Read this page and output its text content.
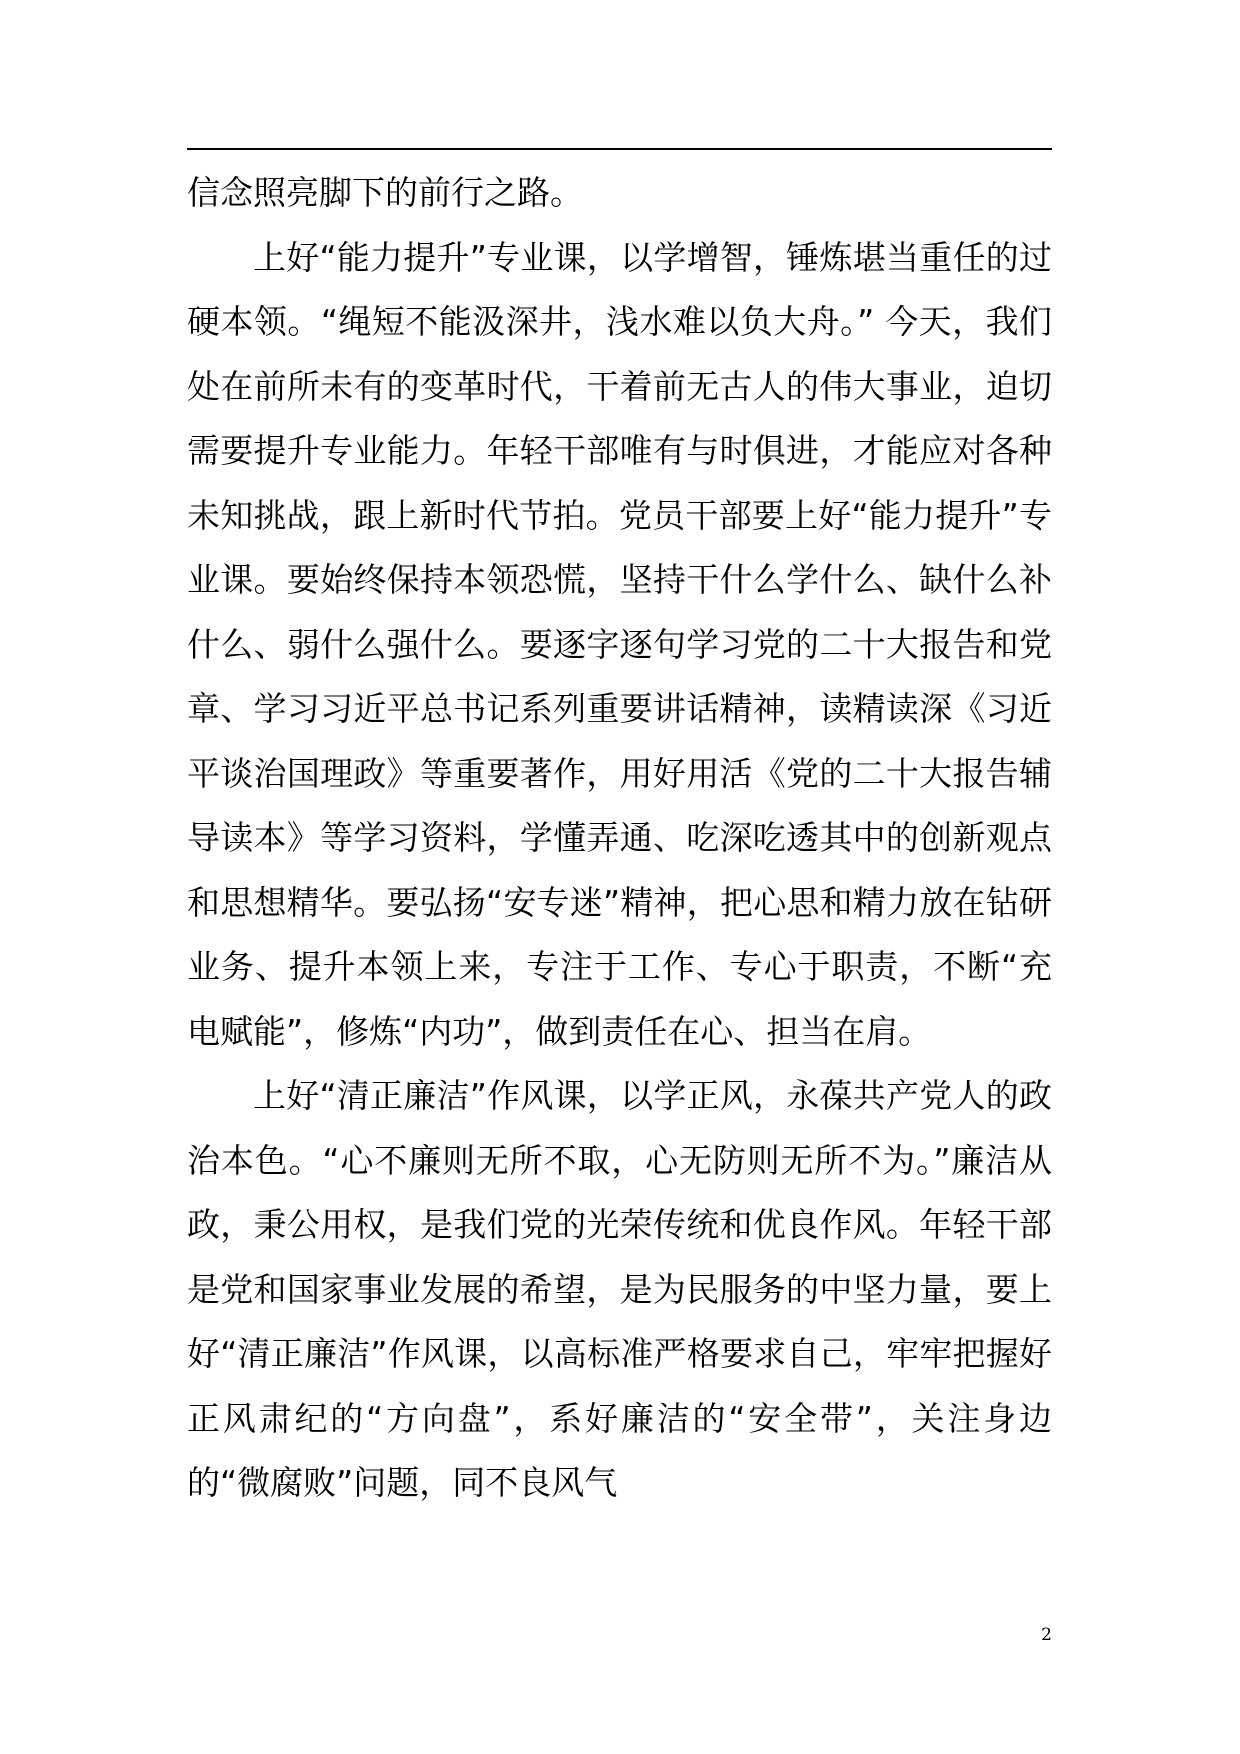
信念照亮脚下的前行之路。

上好“能力提升”专业课，以学增智，锤炼堪当重任的过硬本领。“绳短不能汲深井，浅水难以负大舟。” 今天，我们处在前所未有的变革时代，干着前无古人的伟大事业，迫切需要提升专业能力。年轻干部唯有与时俱进，才能应对各种未知挑战，跟上新时代节拍。党员干部要上好“能力提升”专业课。要始终保持本领恐慌，坚持干什么学什么、缺什么补什么、弱什么强什么。要逐字逐句学习党的二十大报告和党章、学习习近平总书记系列重要讲话精神，读精读深《习近平谈治国理政》等重要著作，用好用活《党的二十大报告辅导读本》等学习资料，学懂弄通、吃深吃透其中的创新观点和思想精华。要弘扬“安专迷”精神，把心思和精力放在钻研业务、提升本领上来，专注于工作、专心于职责，不断“充电赋能”，修炼“内功”，做到责任在心、担当在肩。

上好“清正廉洁”作风课，以学正风，永葆共产党人的政治本色。“心不廉则无所不取，心无防则无所不为。”廉洁从政，秉公用权，是我们党的光荣传统和优良作风。年轻干部是党和国家事业发展的希望，是为民服务的中坚力量，要上好“清正廉洁”作风课，以高标准严格要求自己，牢牢把握好正风肃纪的“方向盘”，系好廉洁的“安全带”，关注身边的“微腐败”问题，同不良风气

2
